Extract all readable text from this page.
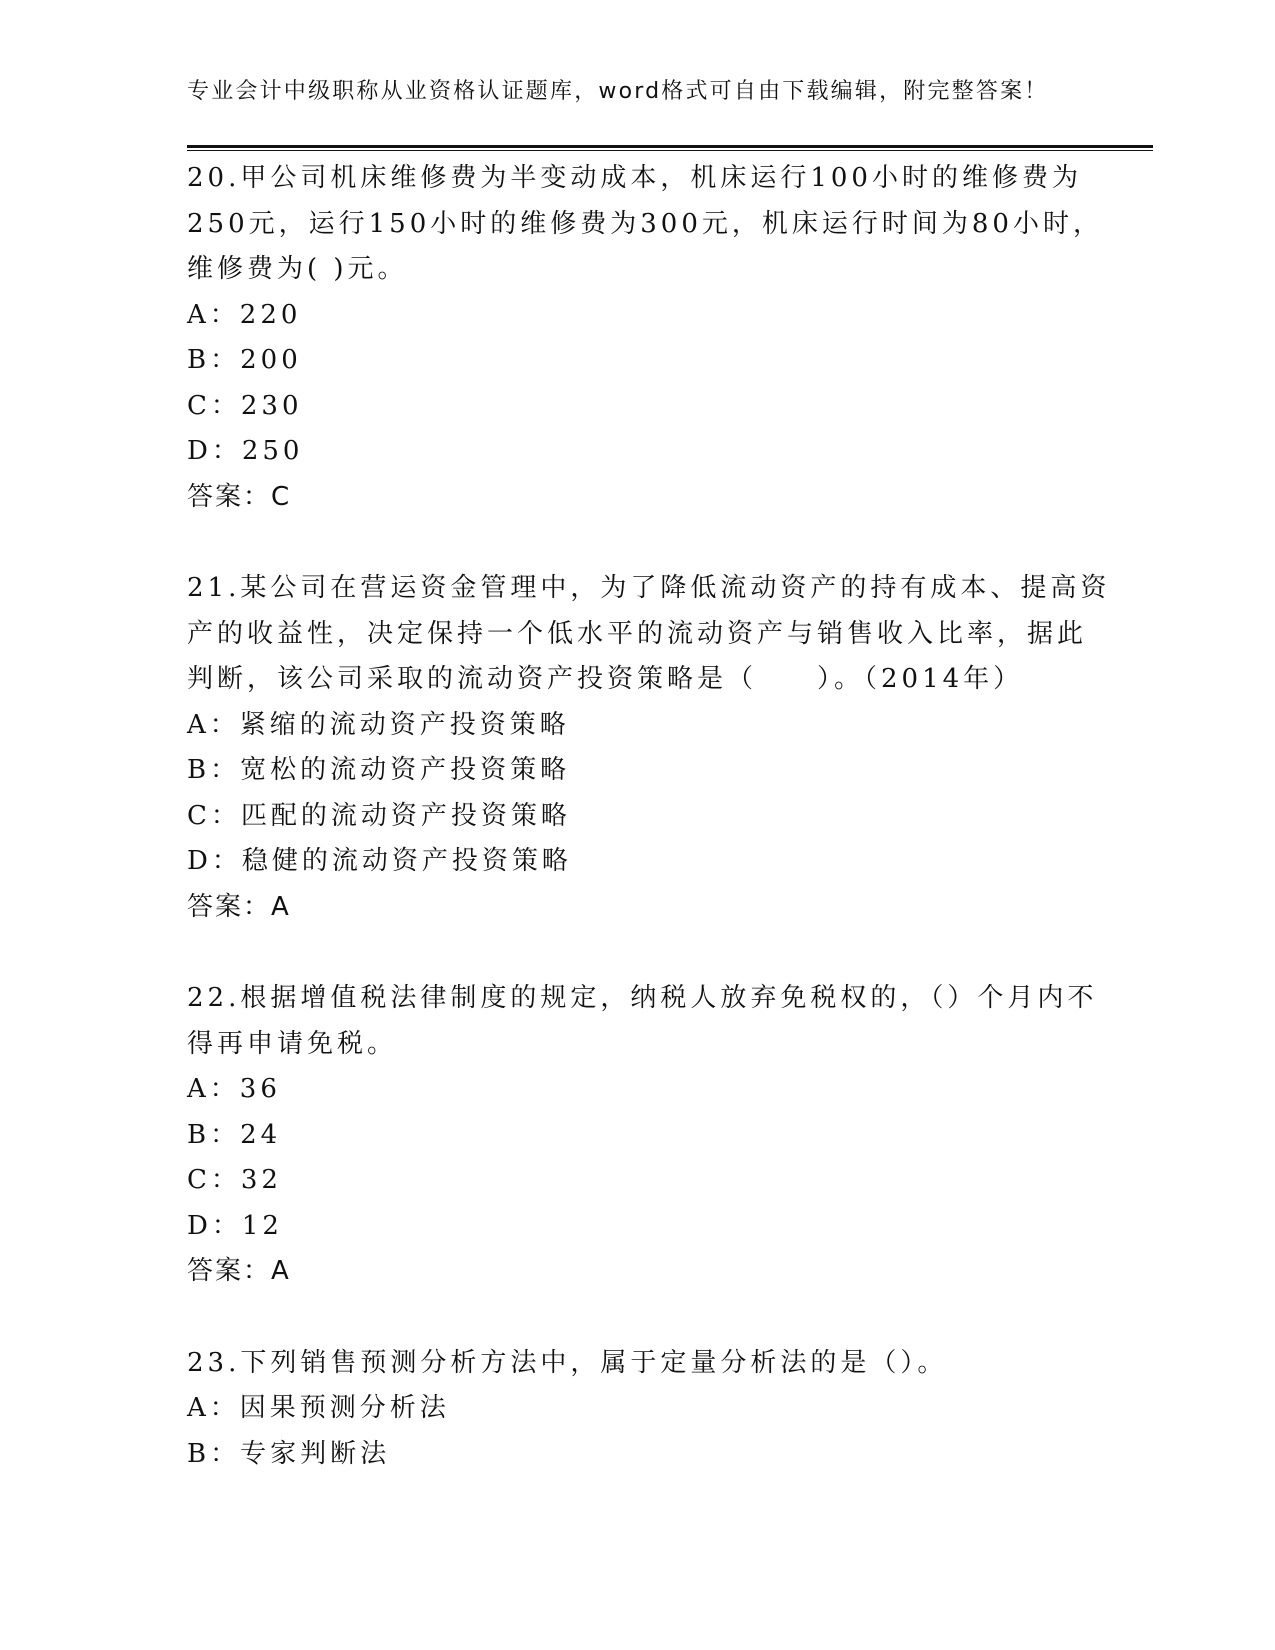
专业会计中级职称从业资格认证题库，word格式可自由下载编辑，附完整答案！
20.甲公司机床维修费为半变动成本，机床运行100小时的维修费为
250元，运行150小时的维修费为300元，机床运行时间为80小时，
维修费为( )元。
A：220
B：200
C：230
D：250
答案：C
21.某公司在营运资金管理中，为了降低流动资产的持有成本、提高资
产的收益性，决定保持一个低水平的流动资产与销售收入比率，据此
判断，该公司采取的流动资产投资策略是（　　）。（2014年）
A：紧缩的流动资产投资策略
B：宽松的流动资产投资策略
C：匹配的流动资产投资策略
D：稳健的流动资产投资策略
答案：A
22.根据增值税法律制度的规定，纳税人放弃免税权的，（）个月内不
得再申请免税。
A：36
B：24
C：32
D：12
答案：A
23.下列销售预测分析方法中，属于定量分析法的是（）。
A：因果预测分析法
B：专家判断法
